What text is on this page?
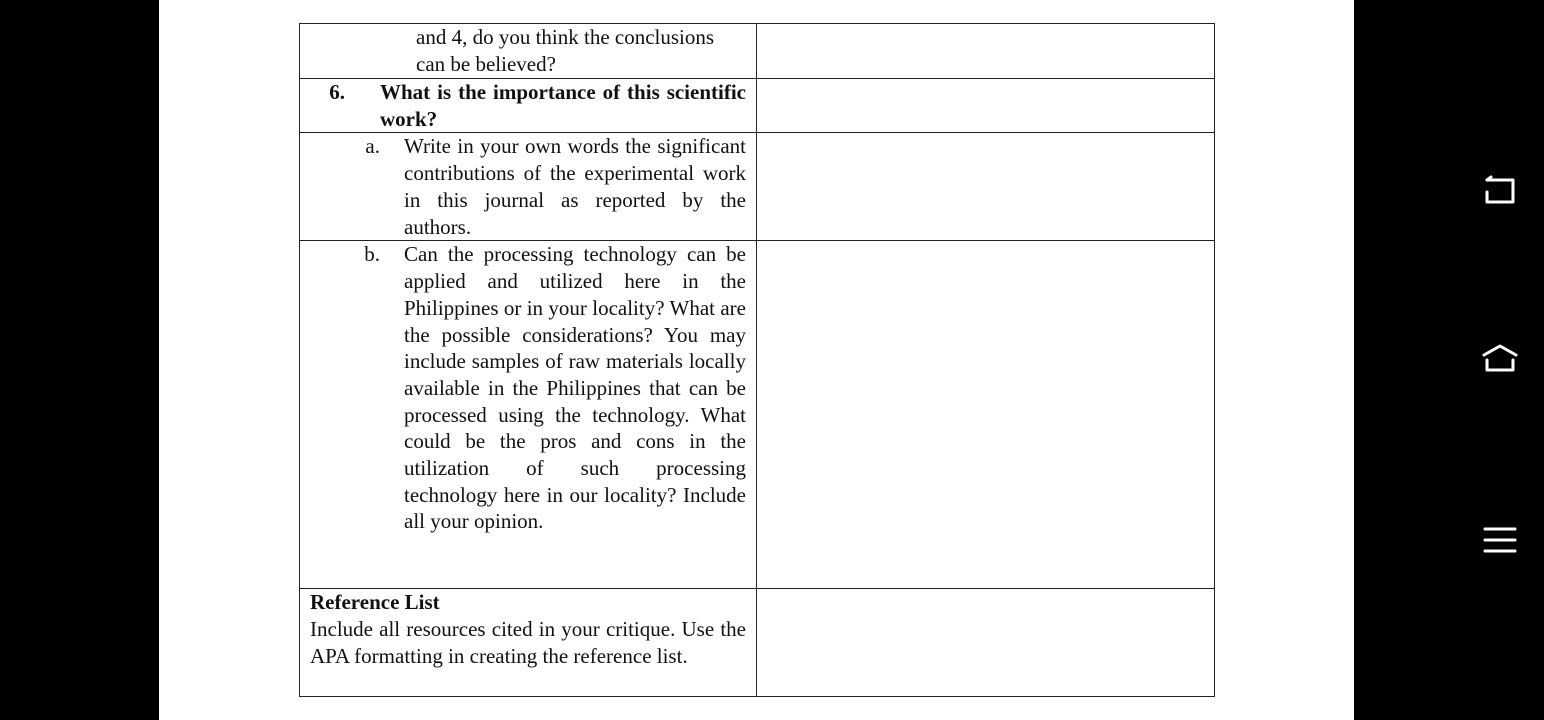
and 4, do you think the conclusions can be believed?	

6. What is the importance of this scientific work?	

a. Write in your own words the significant contributions of the experimental work in this journal as reported by the authors.	

b. Can the processing technology can be applied and utilized here in the Philippines or in your locality? What are the possible considerations? You may include samples of raw materials locally available in the Philippines that can be processed using the technology. What could be the pros and cons in the utilization of such processing technology here in our locality? Include all your opinion.	

Reference List
Include all resources cited in your critique. Use the APA formatting in creating the reference list.	
